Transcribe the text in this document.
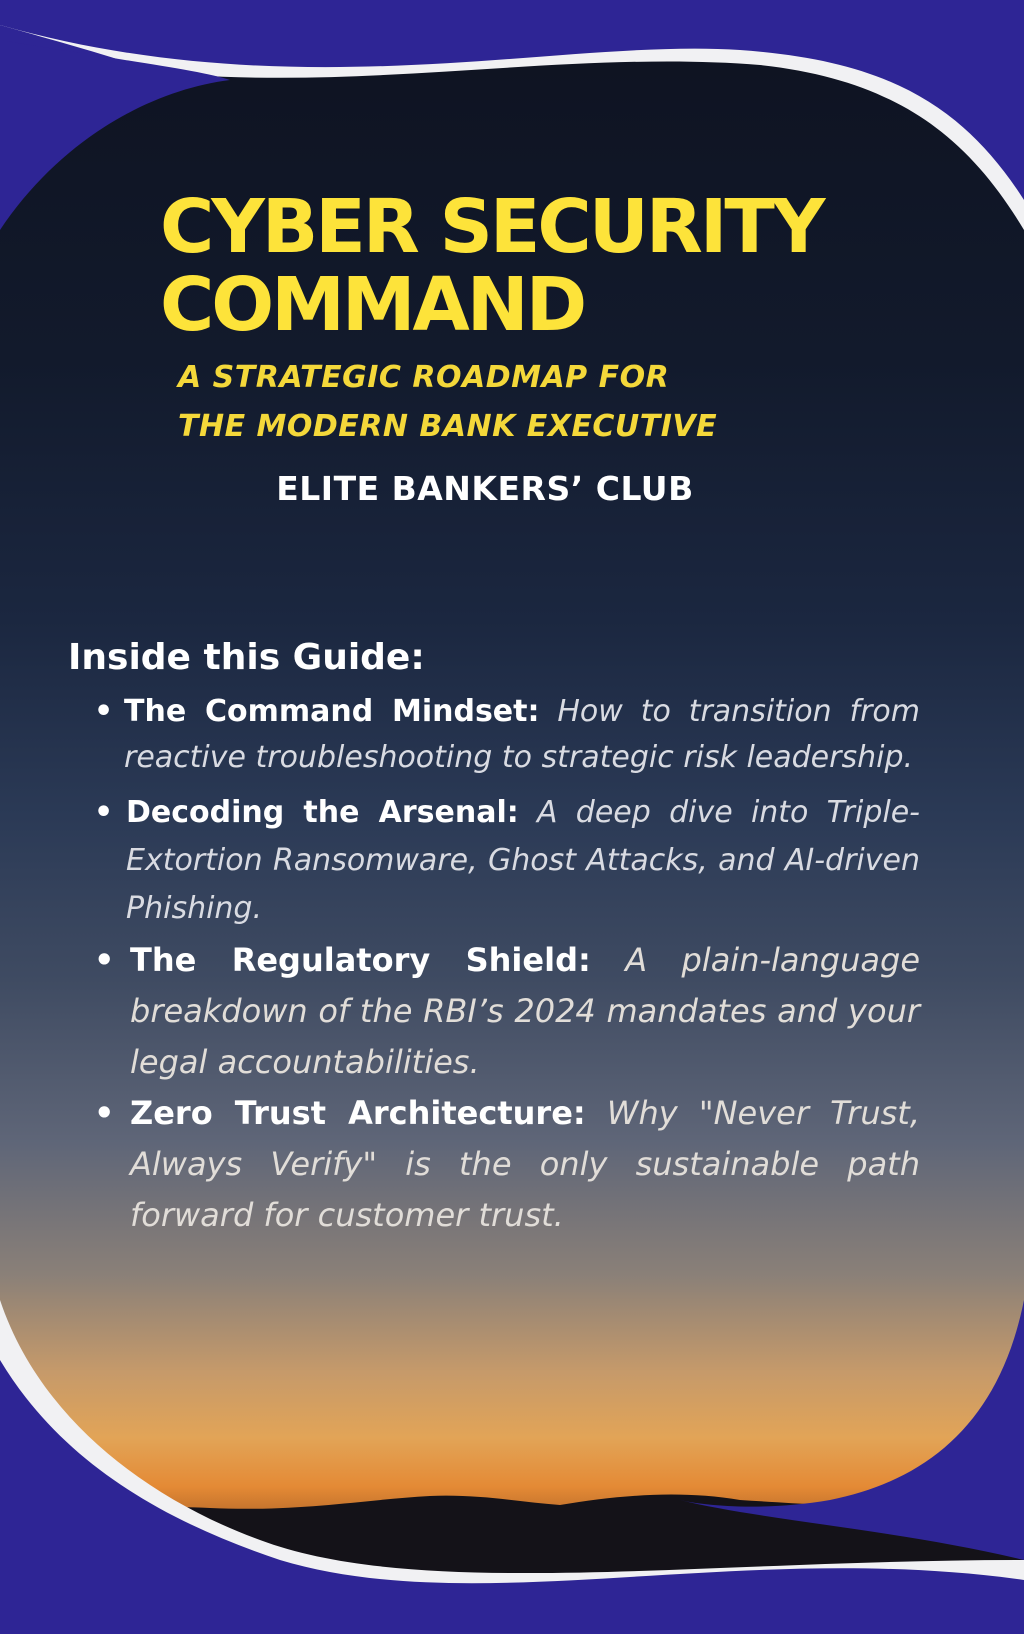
CYBER SECURITY
COMMAND

A STRATEGIC ROADMAP FOR
THE MODERN BANK EXECUTIVE

ELITE BANKERS’ CLUB

Inside this Guide:
• The Command Mindset: How to transition from reactive troubleshooting to strategic risk leadership.
• Decoding the Arsenal: A deep dive into Triple-Extortion Ransomware, Ghost Attacks, and AI-driven Phishing.
• The Regulatory Shield: A plain-language breakdown of the RBI’s 2024 mandates and your legal accountabilities.
• Zero Trust Architecture: Why "Never Trust, Always Verify" is the only sustainable path forward for customer trust.
